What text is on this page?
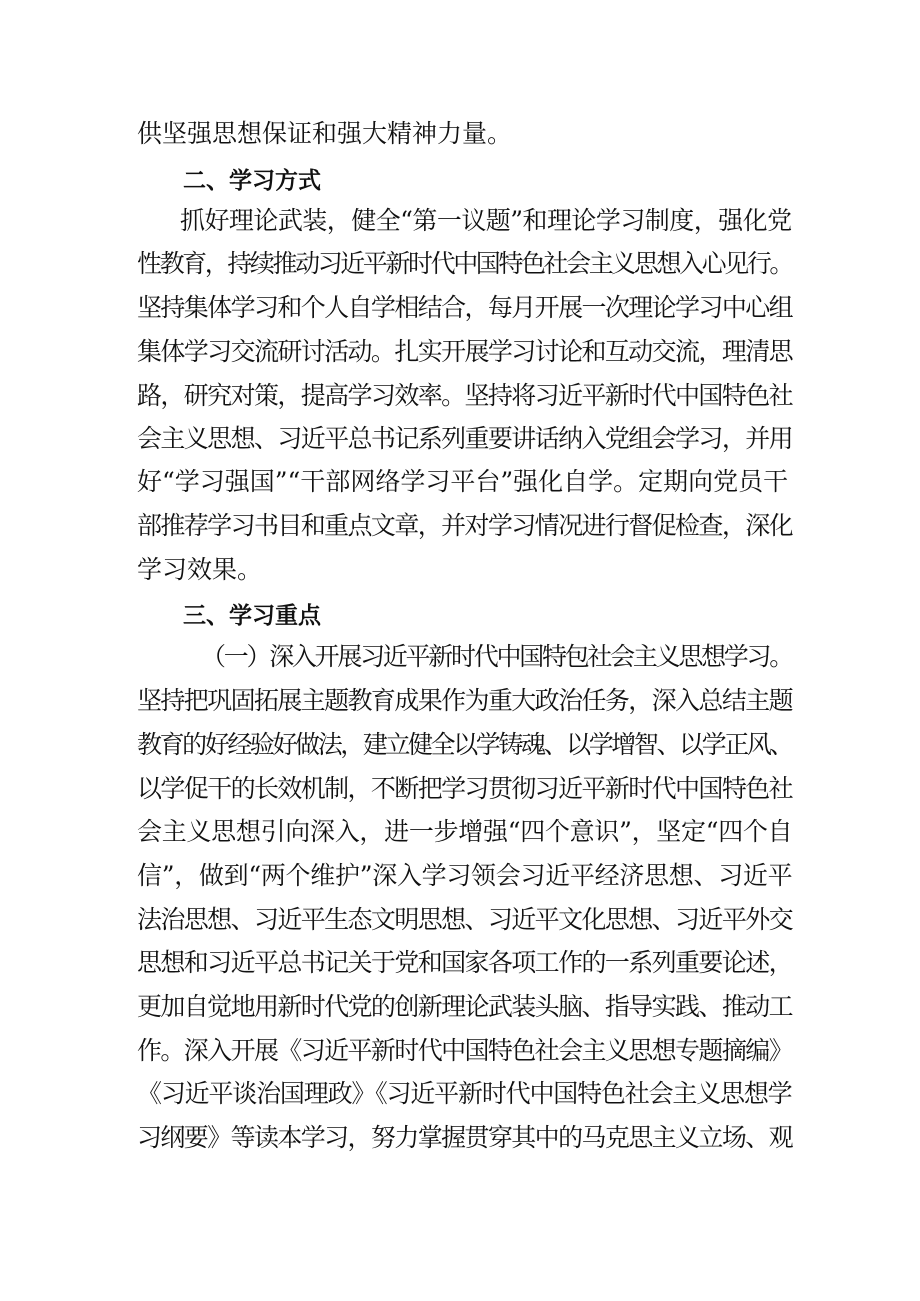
供坚强思想保证和强大精神力量。
二、学习方式
抓好理论武装，健全“第一议题”和理论学习制度，强化党
性教育，持续推动习近平新时代中国特色社会主义思想入心见行。
坚持集体学习和个人自学相结合，每月开展一次理论学习中心组
集体学习交流研讨活动。扎实开展学习讨论和互动交流，理清思
路，研究对策，提高学习效率。坚持将习近平新时代中国特色社
会主义思想、习近平总书记系列重要讲话纳入党组会学习，并用
好“学习强国”“干部网络学习平台”强化自学。定期向党员干
部推荐学习书目和重点文章，并对学习情况进行督促检查，深化
学习效果。
三、学习重点
（一）深入开展习近平新时代中国特包社会主义思想学习。
坚持把巩固拓展主题教育成果作为重大政治任务，深入总结主题
教育的好经验好做法，建立健全以学铸魂、以学增智、以学正风、
以学促干的长效机制，不断把学习贯彻习近平新时代中国特色社
会主义思想引向深入，进一步增强“四个意识”，坚定“四个自
信”，做到“两个维护”深入学习领会习近平经济思想、习近平
法治思想、习近平生态文明思想、习近平文化思想、习近平外交
思想和习近平总书记关于党和国家各项工作的一系列重要论述，
更加自觉地用新时代党的创新理论武装头脑、指导实践、推动工
作。深入开展《习近平新时代中国特色社会主义思想专题摘编》
《习近平谈治国理政》《习近平新时代中国特色社会主义思想学
习纲要》等读本学习，努力掌握贯穿其中的马克思主义立场、观
